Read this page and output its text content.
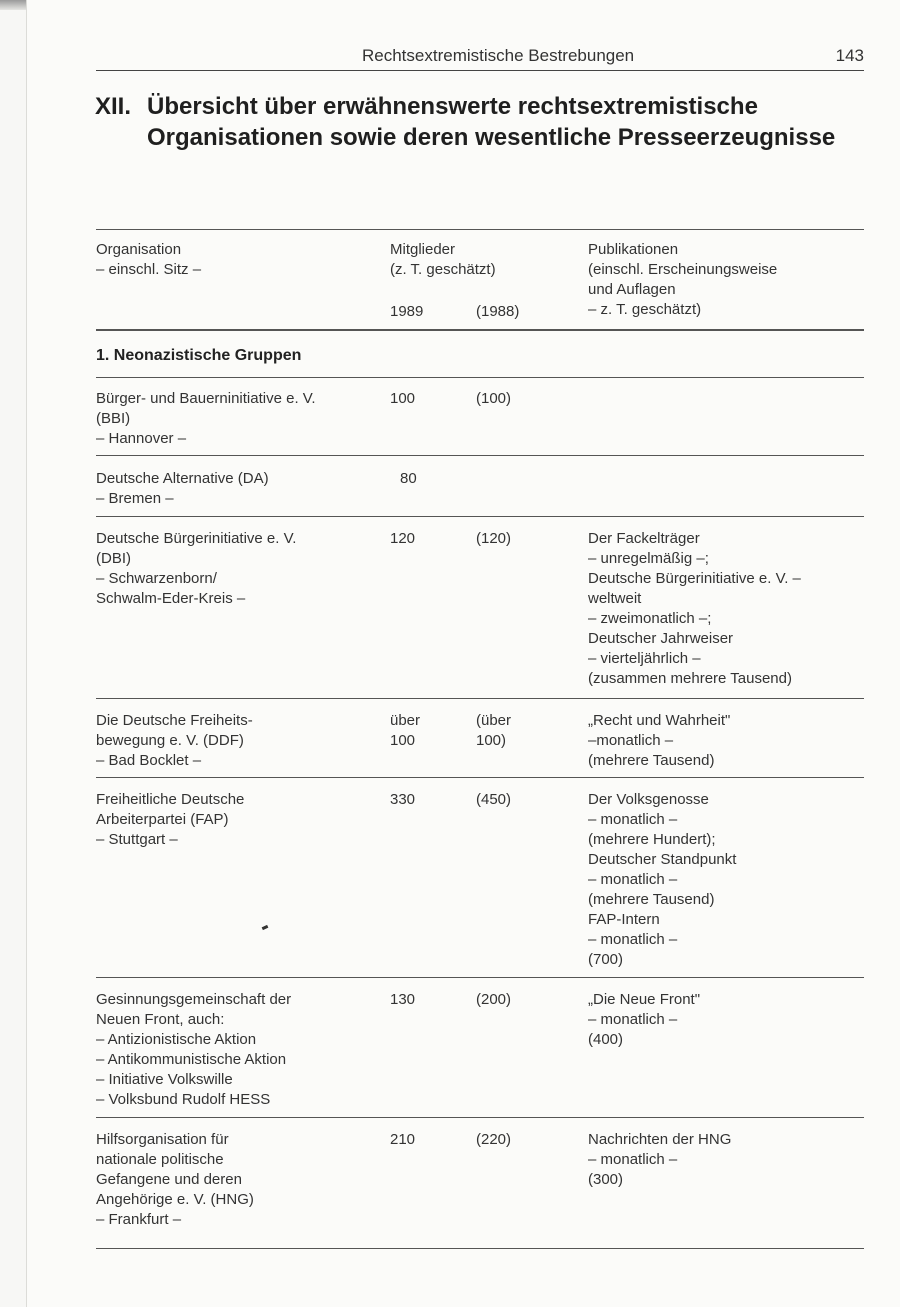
Rechtsextremistische Bestrebungen	143
XII. Übersicht über erwähnenswerte rechtsextremistische Organisationen sowie deren wesentliche Presseerzeugnisse
Organisation
– einschl. Sitz –
Mitglieder
(z. T. geschätzt)
1989	(1988)
Publikationen
(einschl. Erscheinungsweise
und Auflagen
– z. T. geschätzt)
1. Neonazistische Gruppen
Bürger- und Bauerninitiative e. V.
(BBI)
– Hannover –
100	(100)
Deutsche Alternative (DA)
– Bremen –
80
Deutsche Bürgerinitiative e. V.
(DBI)
– Schwarzenborn/
Schwalm-Eder-Kreis –
120	(120)	Der Fackelträger
– unregelmäßig –;
Deutsche Bürgerinitiative e. V. –
weltweit
– zweimonatlich –;
Deutscher Jahrweiser
– vierteljährlich –
(zusammen mehrere Tausend)
Die Deutsche Freiheits-
bewegung e. V. (DDF)
– Bad Bocklet –
über
100
(über
100)
„Recht und Wahrheit"
–monatlich –
(mehrere Tausend)
Freiheitliche Deutsche
Arbeiterpartei (FAP)
– Stuttgart –
330	(450)	Der Volksgenosse
– monatlich –
(mehrere Hundert);
Deutscher Standpunkt
– monatlich –
(mehrere Tausend)
FAP-Intern
– monatlich –
(700)
Gesinnungsgemeinschaft der
Neuen Front, auch:
– Antizionistische Aktion
– Antikommunistische Aktion
– Initiative Volkswille
– Volksbund Rudolf HESS
130	(200)	„Die Neue Front"
– monatlich –
(400)
Hilfsorganisation für
nationale politische
Gefangene und deren
Angehörige e. V. (HNG)
– Frankfurt –
210	(220)	Nachrichten der HNG
– monatlich –
(300)
